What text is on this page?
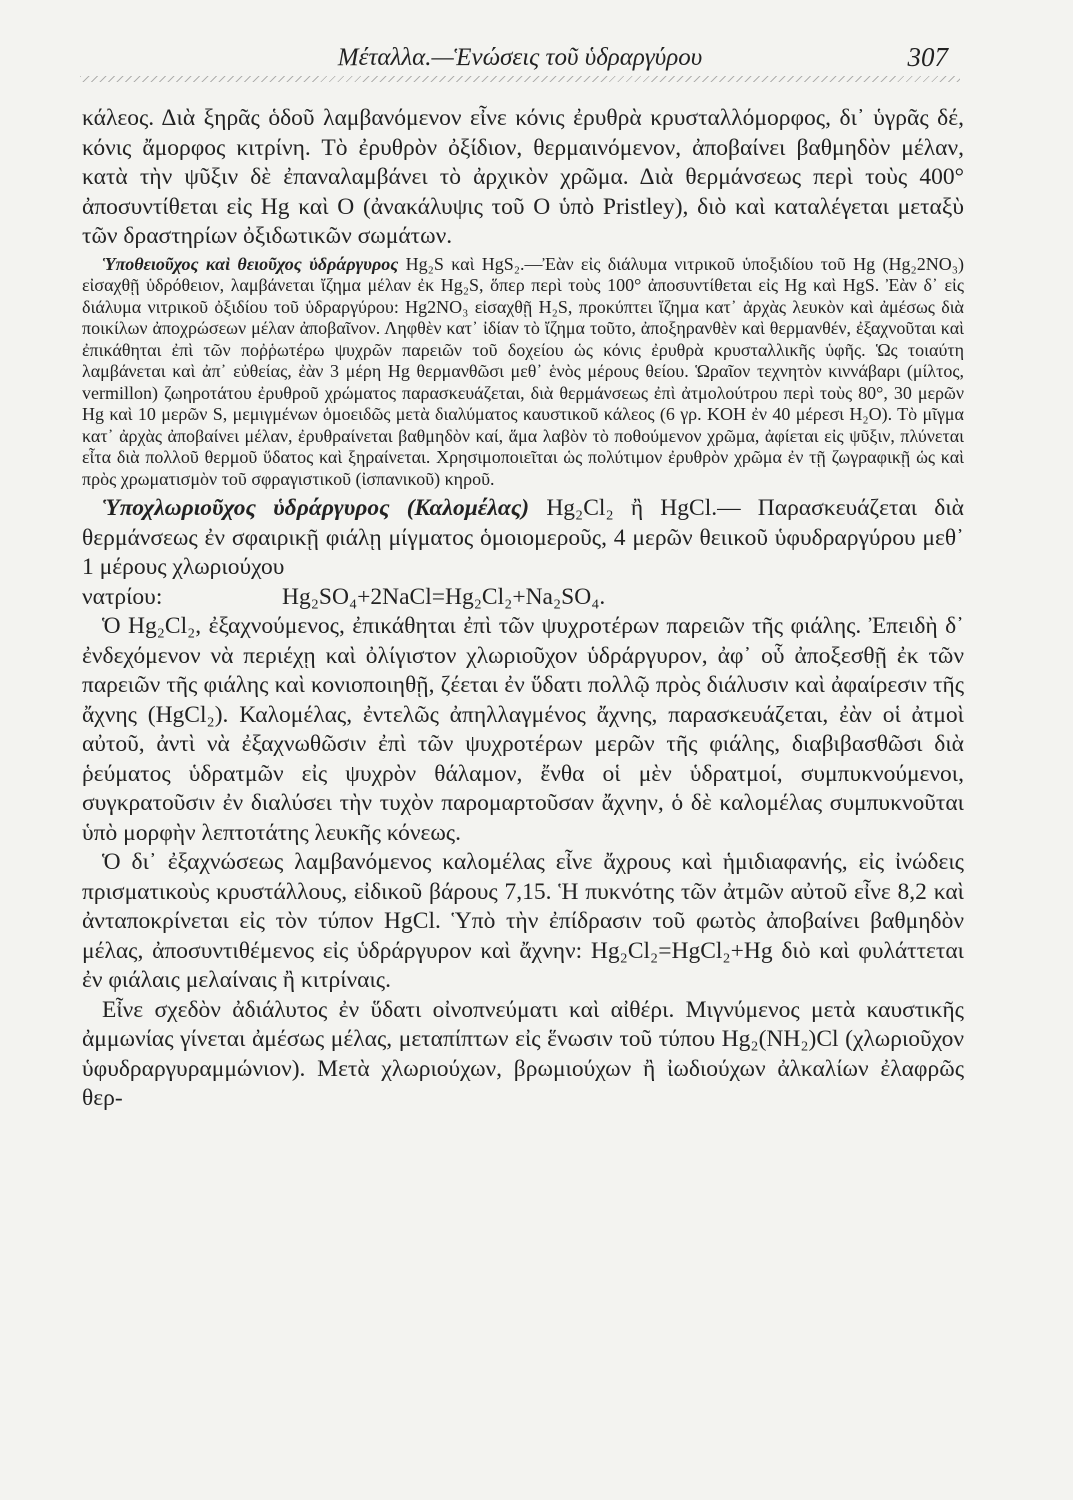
Μέταλλα.—Ἑνώσεις τοῦ ὑδραργύρου	307

κάλεος. Διὰ ξηρᾶς ὁδοῦ λαμβανόμενον εἶνε κόνις ἐρυθρὰ κρυσταλλόμορφος, δι᾽ ὑγρᾶς δέ, κόνις ἄμορφος κιτρίνη. Τὸ ἐρυθρὸν ὀξίδιον, θερμαινόμενον, ἀποβαίνει βαθμηδὸν μέλαν, κατὰ τὴν ψῦξιν δὲ ἐπαναλαμβάνει τὸ ἀρχικὸν χρῶμα. Διὰ θερμάνσεως περὶ τοὺς 400° ἀποσυντίθεται εἰς Hg καὶ O (ἀνακάλυψις τοῦ O ὑπὸ Pristley), διὸ καὶ καταλέγεται μεταξὺ τῶν δραστηρίων ὀξιδωτικῶν σωμάτων.

Ὑποθειοῦχος καὶ θειοῦχος ὑδράργυρος Hg₂S καὶ HgS₂.—Ἐὰν εἰς διάλυμα νιτρικοῦ ὑποξιδίου τοῦ Hg (Hg₂2NO₃) εἰσαχθῇ ὑδρόθειον, λαμβάνεται ἴζημα μέλαν ἐκ Hg₂S, ὅπερ περὶ τοὺς 100° ἀποσυντίθεται εἰς Hg καὶ HgS. Ἐὰν δ᾽ εἰς διάλυμα νιτρικοῦ ὀξιδίου τοῦ ὑδραργύρου: Hg2NO₃ εἰσαχθῇ H₂S, προκύπτει ἴζημα κατ᾽ ἀρχὰς λευκὸν καὶ ἀμέσως διὰ ποικίλων ἀποχρώσεων μέλαν ἀποβαῖνον. Ληφθὲν κατ᾽ ἰδίαν τὸ ἴζημα τοῦτο, ἀποξηρανθὲν καὶ θερμανθέν, ἐξαχνοῦται καὶ ἐπικάθηται ἐπὶ τῶν ποῤῥωτέρω ψυχρῶν παρειῶν τοῦ δοχείου ὡς κόνις ἐρυθρὰ κρυσταλλικῆς ὑφῆς. Ὡς τοιαύτη λαμβάνεται καὶ ἀπ᾽ εὐθείας, ἐὰν 3 μέρη Hg θερμανθῶσι μεθ᾽ ἑνὸς μέρους θείου. Ὡραῖον τεχνητὸν κιννάβαρι (μίλτος, vermillon) ζωηροτάτου ἐρυθροῦ χρώματος παρασκευάζεται, διὰ θερμάνσεως ἐπὶ ἀτμολούτρου περὶ τοὺς 80°, 30 μερῶν Hg καὶ 10 μερῶν S, μεμιγμένων ὁμοειδῶς μετὰ διαλύματος καυστικοῦ κάλεος (6 γρ. KOH ἐν 40 μέρεσι H₂O). Τὸ μῖγμα κατ᾽ ἀρχὰς ἀποβαίνει μέλαν, ἐρυθραίνεται βαθμηδὸν καί, ἅμα λαβὸν τὸ ποθούμενον χρῶμα, ἀφίεται εἰς ψῦξιν, πλύνεται εἶτα διὰ πολλοῦ θερμοῦ ὕδατος καὶ ξηραίνεται. Χρησιμοποιεῖται ὡς πολύτιμον ἐρυθρὸν χρῶμα ἐν τῇ ζωγραφικῇ ὡς καὶ πρὸς χρωματισμὸν τοῦ σφραγιστικοῦ (ἰσπανικοῦ) κηροῦ.

Ὑποχλωριοῦχος ὑδράργυρος (Καλομέλας) Hg₂Cl₂ ἢ HgCl.— Παρασκευάζεται διὰ θερμάνσεως ἐν σφαιρικῇ φιάλῃ μίγματος ὁμοιομεροῦς, 4 μερῶν θειικοῦ ὑφυδραργύρου μεθ᾽ 1 μέρους χλωριούχου

νατρίου:	Hg₂SO₄+2NaCl=Hg₂Cl₂+Na₂SO₄.

Ὁ Hg₂Cl₂, ἐξαχνούμενος, ἐπικάθηται ἐπὶ τῶν ψυχροτέρων παρειῶν τῆς φιάλης. Ἐπειδὴ δ᾽ ἐνδεχόμενον νὰ περιέχῃ καὶ ὀλίγιστον χλωριοῦχον ὑδράργυρον, ἀφ᾽ οὗ ἀποξεσθῇ ἐκ τῶν παρειῶν τῆς φιάλης καὶ κονιοποιηθῇ, ζέεται ἐν ὕδατι πολλῷ πρὸς διάλυσιν καὶ ἀφαίρεσιν τῆς ἄχνης (HgCl₂). Καλομέλας, ἐντελῶς ἀπηλλαγμένος ἄχνης, παρασκευάζεται, ἐὰν οἱ ἀτμοὶ αὐτοῦ, ἀντὶ νὰ ἐξαχνωθῶσιν ἐπὶ τῶν ψυχροτέρων μερῶν τῆς φιάλης, διαβιβασθῶσι διὰ ῥεύματος ὑδρατμῶν εἰς ψυχρὸν θάλαμον, ἔνθα οἱ μὲν ὑδρατμοί, συμπυκνούμενοι, συγκρατοῦσιν ἐν διαλύσει τὴν τυχὸν παρομαρτοῦσαν ἄχνην, ὁ δὲ καλομέλας συμπυκνοῦται ὑπὸ μορφὴν λεπτοτάτης λευκῆς κόνεως.

Ὁ δι᾽ ἐξαχνώσεως λαμβανόμενος καλομέλας εἶνε ἄχρους καὶ ἡμιδιαφανής, εἰς ἰνώδεις πρισματικοὺς κρυστάλλους, εἰδικοῦ βάρους 7,15. Ἡ πυκνότης τῶν ἀτμῶν αὐτοῦ εἶνε 8,2 καὶ ἀνταποκρίνεται εἰς τὸν τύπον HgCl. Ὑπὸ τὴν ἐπίδρασιν τοῦ φωτὸς ἀποβαίνει βαθμηδὸν μέλας, ἀποσυντιθέμενος εἰς ὑδράργυρον καὶ ἄχνην: Hg₂Cl₂=HgCl₂+Hg διὸ καὶ φυλάττεται ἐν φιάλαις μελαίναις ἢ κιτρίναις.

Εἶνε σχεδὸν ἀδιάλυτος ἐν ὕδατι οἰνοπνεύματι καὶ αἰθέρι. Μιγνύμενος μετὰ καυστικῆς ἀμμωνίας γίνεται ἀμέσως μέλας, μεταπίπτων εἰς ἕνωσιν τοῦ τύπου Hg₂(NH₂)Cl (χλωριοῦχον ὑφυδραργυραμμώνιον). Μετὰ χλωριούχων, βρωμιούχων ἢ ἰωδιούχων ἀλκαλίων ἐλαφρῶς θερ-
